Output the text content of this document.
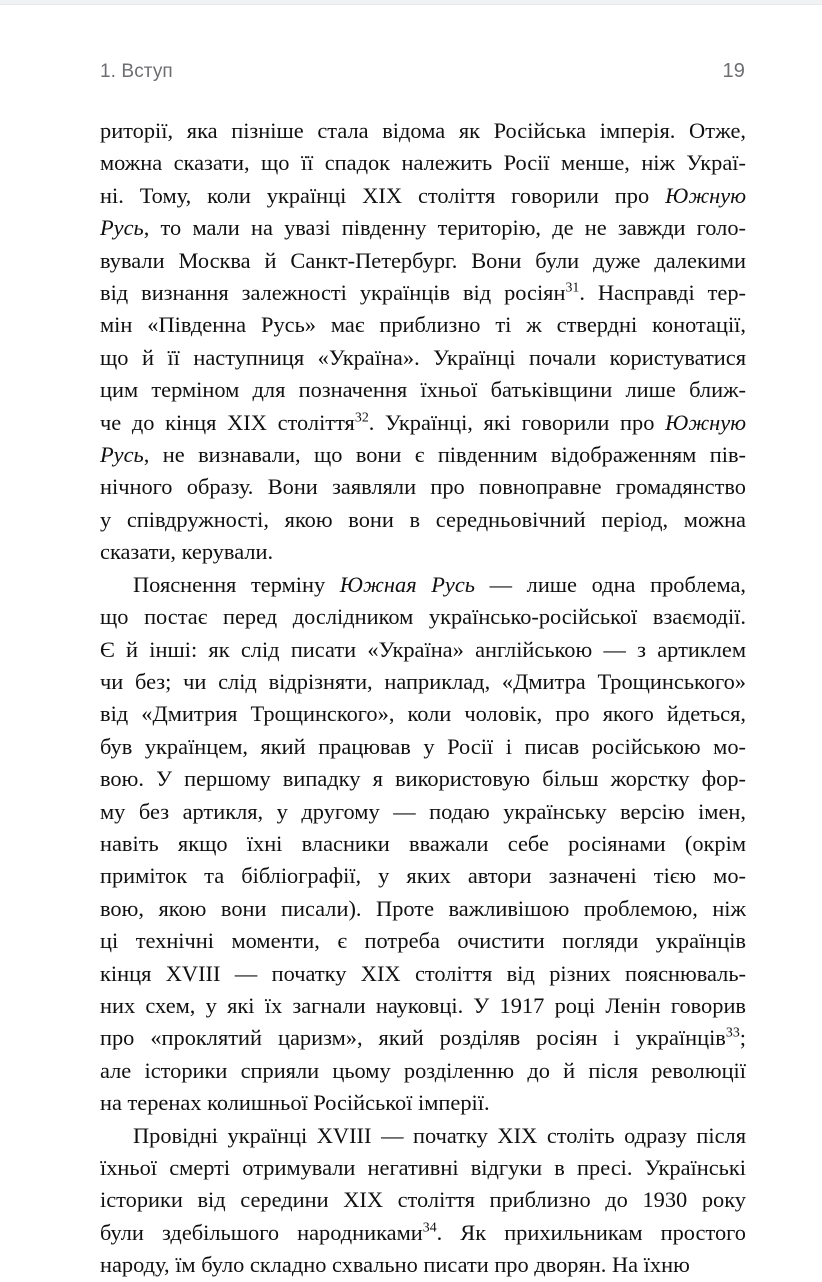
1. Вступ	19

риторії, яка пізніше стала відома як Російська імперія. Отже,
можна сказати, що її спадок належить Росії менше, ніж Украї-
ні. Тому, коли українці XIX століття говорили про Южную
Русь, то мали на увазі південну територію, де не завжди голо-
вували Москва й Санкт-Петербург. Вони були дуже далекими
від визнання залежності українців від росіян$^{31}$. Насправді тер-
мін «Південна Русь» має приблизно ті ж ствердні конотації,
що й її наступниця «Україна». Українці почали користуватися
цим терміном для позначення їхньої батьківщини лише ближ-
че до кінця XIX століття$^{32}$. Українці, які говорили про Южную
Русь, не визнавали, що вони є південним відображенням пів-
нічного образу. Вони заявляли про повноправне громадянство
у співдружності, якою вони в середньовічний період, можна
сказати, керували.

Пояснення терміну Южная Русь — лише одна проблема,
що постає перед дослідником українсько-російської взаємодії.
Є й інші: як слід писати «Україна» англійською — з артиклем
чи без; чи слід відрізняти, наприклад, «Дмитра Трощинського»
від «Дмитрия Трощинского», коли чоловік, про якого йдеться,
був українцем, який працював у Росії і писав російською мо-
вою. У першому випадку я використовую більш жорстку фор-
му без артикля, у другому — подаю українську версію імен,
навіть якщо їхні власники вважали себе росіянами (окрім
приміток та бібліографії, у яких автори зазначені тією мо-
вою, якою вони писали). Проте важливішою проблемою, ніж
ці технічні моменти, є потреба очистити погляди українців
кінця XVIII — початку XIX століття від різних пояснюваль-
них схем, у які їх загнали науковці. У 1917 році Ленін говорив
про «проклятий царизм», який розділяв росіян і українців$^{33}$;
але історики сприяли цьому розділенню до й після революції
на теренах колишньої Російської імперії.

Провідні українці XVIII — початку XIX століть одразу після
їхньої смерті отримували негативні відгуки в пресі. Українські
історики від середини XIX століття приблизно до 1930 року
були здебільшого народниками$^{34}$. Як прихильникам простого
народу, їм було складно схвально писати про дворян. На їхню
